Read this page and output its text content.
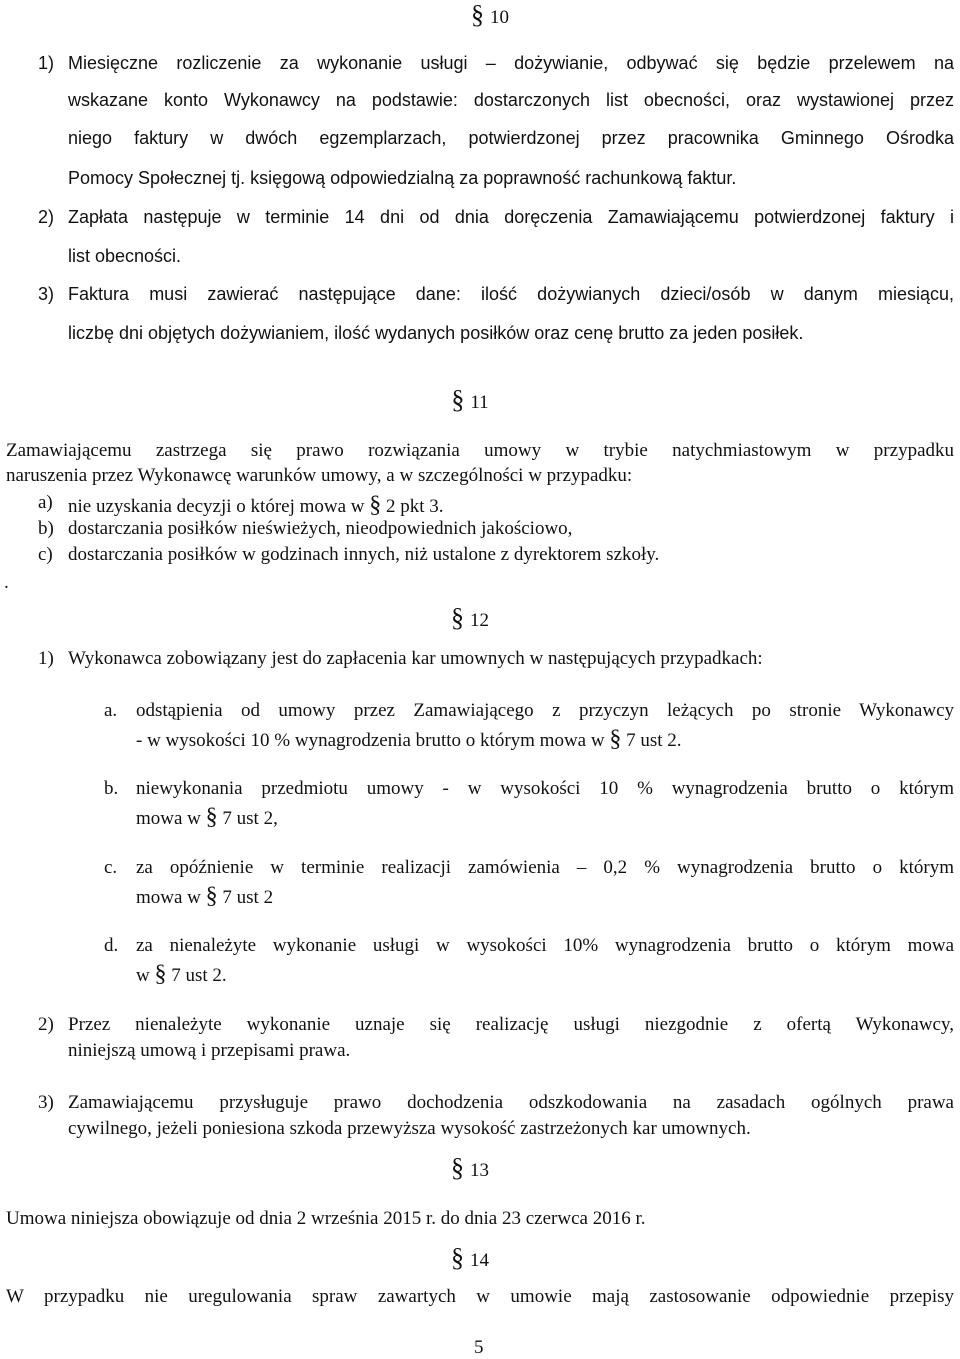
§ 10
1) Miesięczne rozliczenie za wykonanie usługi – dożywianie, odbywać się będzie przelewem na
wskazane konto Wykonawcy na podstawie: dostarczonych list obecności, oraz wystawionej przez
niego faktury w dwóch egzemplarzach, potwierdzonej przez pracownika Gminnego Ośrodka
Pomocy Społecznej tj. księgową odpowiedzialną za poprawność rachunkową faktur.
2) Zapłata następuje w terminie 14 dni od dnia doręczenia Zamawiającemu potwierdzonej faktury i
list obecności.
3) Faktura musi zawierać następujące dane: ilość dożywianych dzieci/osób w danym miesiącu,
liczbę dni objętych dożywianiem, ilość wydanych posiłków oraz cenę brutto za jeden posiłek.
§ 11
Zamawiającemu zastrzega się prawo rozwiązania umowy w trybie natychmiastowym w przypadku
naruszenia przez Wykonawcę warunków umowy, a w szczególności w przypadku:
a) nie uzyskania decyzji o której mowa w § 2 pkt 3.
b) dostarczania posiłków nieświeżych, nieodpowiednich jakościowo,
c) dostarczania posiłków w godzinach innych, niż ustalone z dyrektorem szkoły.
.
§ 12
1) Wykonawca zobowiązany jest do zapłacenia kar umownych w następujących przypadkach:
a. odstąpienia od umowy przez Zamawiającego z przyczyn leżących po stronie Wykonawcy
- w wysokości 10 % wynagrodzenia brutto o którym mowa w § 7 ust 2.
b. niewykonania przedmiotu umowy - w wysokości 10 % wynagrodzenia brutto o którym
mowa w § 7 ust 2,
c. za opóźnienie w terminie realizacji zamówienia – 0,2 % wynagrodzenia brutto o którym
mowa w § 7 ust 2
d. za nienależyte wykonanie usługi w wysokości 10% wynagrodzenia brutto o którym mowa
w § 7 ust 2.
2) Przez nienależyte wykonanie uznaje się realizację usługi niezgodnie z ofertą Wykonawcy,
niniejszą umową i przepisami prawa.
3) Zamawiającemu przysługuje prawo dochodzenia odszkodowania na zasadach ogólnych prawa
cywilnego, jeżeli poniesiona szkoda przewyższa wysokość zastrzeżonych kar umownych.
§ 13
Umowa niniejsza obowiązuje od dnia 2 września 2015 r. do dnia 23 czerwca 2016 r.
§ 14
W przypadku nie uregulowania spraw zawartych w umowie mają zastosowanie odpowiednie przepisy
5
